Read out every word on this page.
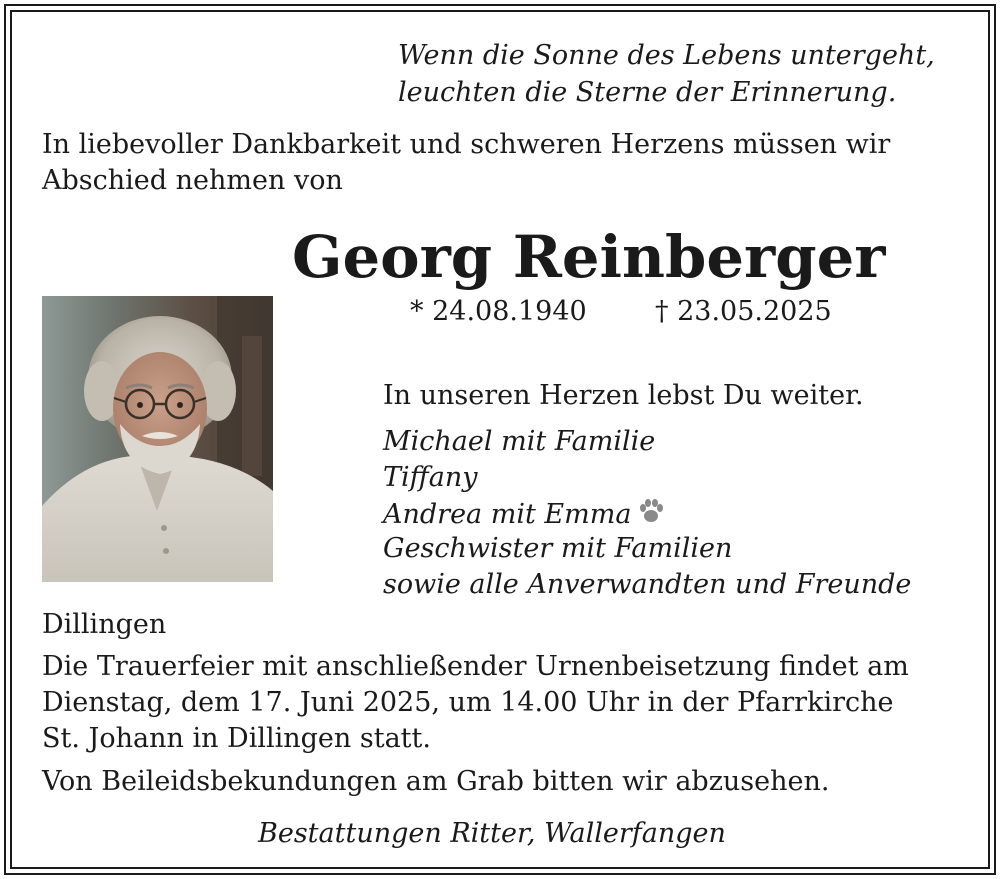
Wenn die Sonne des Lebens untergeht,
leuchten die Sterne der Erinnerung.
In liebevoller Dankbarkeit und schweren Herzens müssen wir
Abschied nehmen von
Georg Reinberger
* 24.08.1940	† 23.05.2025
In unseren Herzen lebst Du weiter.
Michael mit Familie
Tiffany
Andrea mit Emma
Geschwister mit Familien
sowie alle Anverwandten und Freunde
Dillingen
Die Trauerfeier mit anschließender Urnenbeisetzung findet am
Dienstag, dem 17. Juni 2025, um 14.00 Uhr in der Pfarrkirche
St. Johann in Dillingen statt.
Von Beileidsbekundungen am Grab bitten wir abzusehen.
Bestattungen Ritter, Wallerfangen
